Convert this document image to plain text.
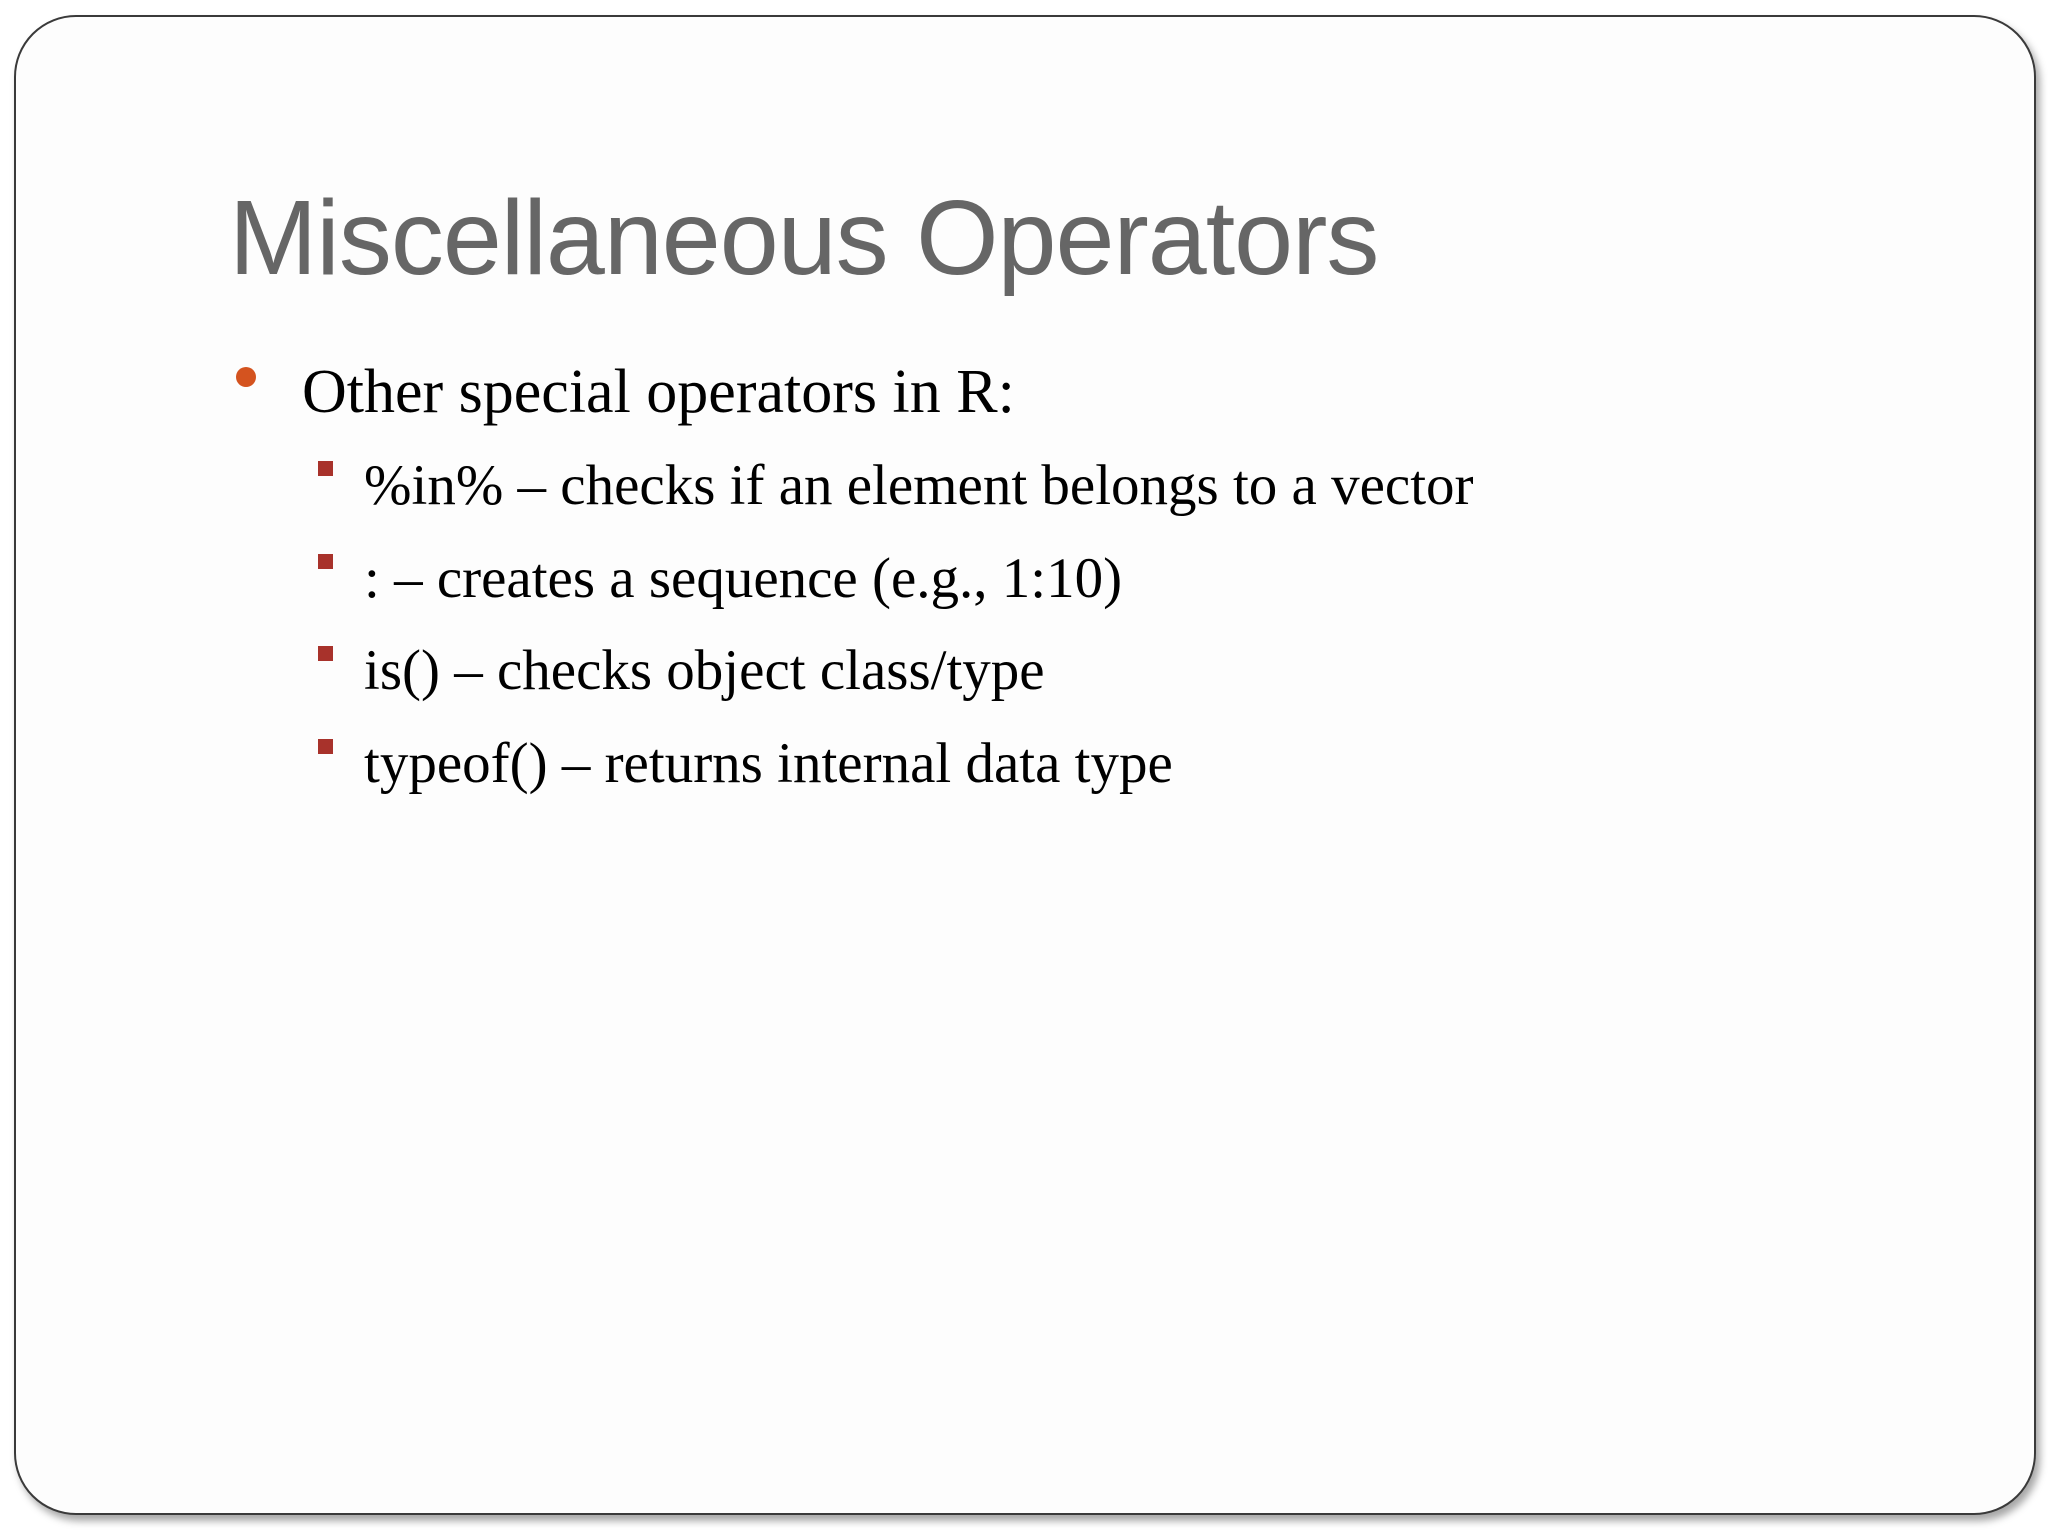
Miscellaneous Operators
Other special operators in R:
%in% – checks if an element belongs to a vector
: – creates a sequence (e.g., 1:10)
is() – checks object class/type
typeof() – returns internal data type
